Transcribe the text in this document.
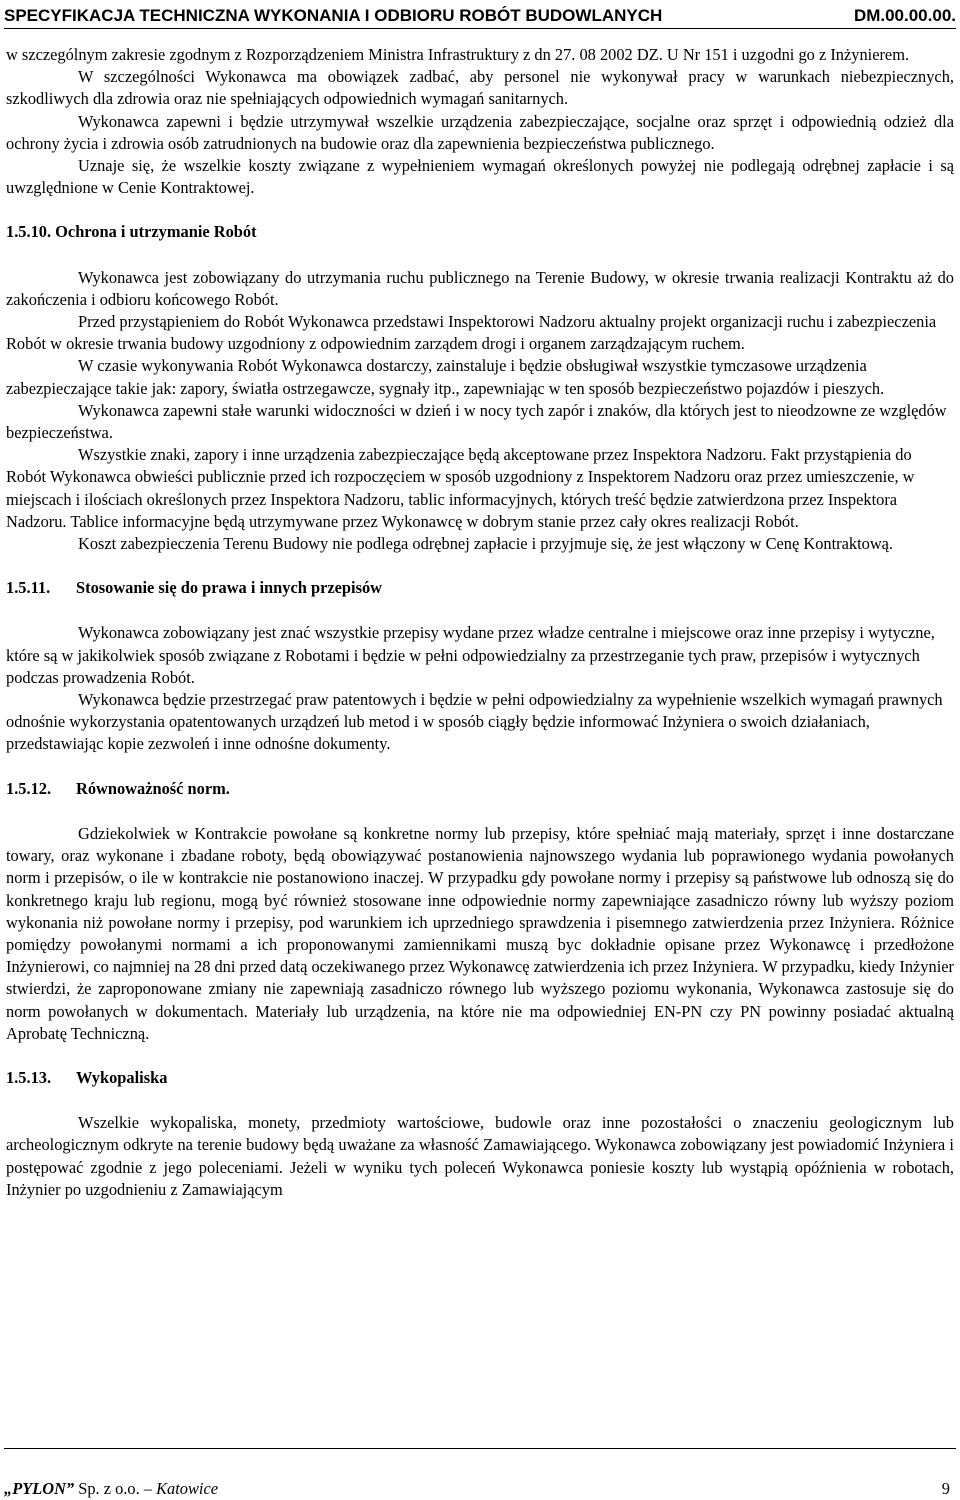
SPECYFIKACJA TECHNICZNA WYKONANIA I ODBIORU ROBÓT BUDOWLANYCH	DM.00.00.00.

w szczególnym zakresie zgodnym z Rozporządzeniem Ministra Infrastruktury z dn 27. 08 2002 DZ. U Nr 151 i uzgodni go z Inżynierem.

W szczególności Wykonawca ma obowiązek zadbać, aby personel nie wykonywał pracy w warunkach niebezpiecznych, szkodliwych dla zdrowia oraz nie spełniających odpowiednich wymagań sanitarnych.

Wykonawca zapewni i będzie utrzymywał wszelkie urządzenia zabezpieczające, socjalne oraz sprzęt i odpowiednią odzież dla ochrony życia i zdrowia osób zatrudnionych na budowie oraz dla zapewnienia bezpieczeństwa publicznego.

Uznaje się, że wszelkie koszty związane z wypełnieniem wymagań określonych powyżej nie podlegają odrębnej zapłacie i są uwzględnione w Cenie Kontraktowej.

1.5.10. Ochrona i utrzymanie Robót

Wykonawca jest zobowiązany do utrzymania ruchu publicznego na Terenie Budowy, w okresie trwania realizacji Kontraktu aż do zakończenia i odbioru końcowego Robót.

Przed przystąpieniem do Robót Wykonawca przedstawi Inspektorowi Nadzoru aktualny projekt organizacji ruchu i zabezpieczenia Robót w okresie trwania budowy uzgodniony z odpowiednim zarządem drogi i organem zarządzającym ruchem.

W czasie wykonywania Robót Wykonawca dostarczy, zainstaluje i będzie obsługiwał wszystkie tymczasowe urządzenia zabezpieczające takie jak: zapory, światła ostrzegawcze, sygnały itp., zapewniając w ten sposób bezpieczeństwo pojazdów i pieszych.

Wykonawca zapewni stałe warunki widoczności w dzień i w nocy tych zapór i znaków, dla których jest to nieodzowne ze względów bezpieczeństwa.

Wszystkie znaki, zapory i inne urządzenia zabezpieczające będą akceptowane przez Inspektora Nadzoru. Fakt przystąpienia do Robót Wykonawca obwieści publicznie przed ich rozpoczęciem w sposób uzgodniony z Inspektorem Nadzoru oraz przez umieszczenie, w miejscach i ilościach określonych przez Inspektora Nadzoru, tablic informacyjnych, których treść będzie zatwierdzona przez Inspektora Nadzoru. Tablice informacyjne będą utrzymywane przez Wykonawcę w dobrym stanie przez cały okres realizacji Robót.

Koszt zabezpieczenia Terenu Budowy nie podlega odrębnej zapłacie i przyjmuje się, że jest włączony w Cenę Kontraktową.

1.5.11. Stosowanie się do prawa i innych przepisów

Wykonawca zobowiązany jest znać wszystkie przepisy wydane przez władze centralne i miejscowe oraz inne przepisy i wytyczne, które są w jakikolwiek sposób związane z Robotami i będzie w pełni odpowiedzialny za przestrzeganie tych praw, przepisów i wytycznych podczas prowadzenia Robót.

Wykonawca będzie przestrzegać praw patentowych i będzie w pełni odpowiedzialny za wypełnienie wszelkich wymagań prawnych odnośnie wykorzystania opatentowanych urządzeń lub metod i w sposób ciągły będzie informować Inżyniera o swoich działaniach, przedstawiając kopie zezwoleń i inne odnośne dokumenty.

1.5.12. Równoważność norm.

Gdziekolwiek w Kontrakcie powołane są konkretne normy lub przepisy, które spełniać mają materiały, sprzęt i inne dostarczane towary, oraz wykonane i zbadane roboty, będą obowiązywać postanowienia najnowszego wydania lub poprawionego wydania powołanych norm i przepisów, o ile w kontrakcie nie postanowiono inaczej. W przypadku gdy powołane normy i przepisy są państwowe lub odnoszą się do konkretnego kraju lub regionu, mogą być również stosowane inne odpowiednie normy zapewniające zasadniczo równy lub wyższy poziom wykonania niż powołane normy i przepisy, pod warunkiem ich uprzedniego sprawdzenia i pisemnego zatwierdzenia przez Inżyniera. Różnice pomiędzy powołanymi normami a ich proponowanymi zamiennikami muszą byc dokładnie opisane przez Wykonawcę i przedłożone Inżynierowi, co najmniej na 28 dni przed datą oczekiwanego przez Wykonawcę zatwierdzenia ich przez Inżyniera. W przypadku, kiedy Inżynier stwierdzi, że zaproponowane zmiany nie zapewniają zasadniczo równego lub wyższego poziomu wykonania, Wykonawca zastosuje się do norm powołanych w dokumentach. Materiały lub urządzenia, na które nie ma odpowiedniej EN-PN czy PN powinny posiadać aktualną Aprobatę Techniczną.

1.5.13. Wykopaliska

Wszelkie wykopaliska, monety, przedmioty wartościowe, budowle oraz inne pozostałości o znaczeniu geologicznym lub archeologicznym odkryte na terenie budowy będą uważane za własność Zamawiającego. Wykonawca zobowiązany jest powiadomić Inżyniera i postępować zgodnie z jego poleceniami. Jeżeli w wyniku tych poleceń Wykonawca poniesie koszty lub wystąpią opóźnienia w robotach, Inżynier po uzgodnieniu z Zamawiającym

„PYLON” Sp. z o.o. – Katowice	9
